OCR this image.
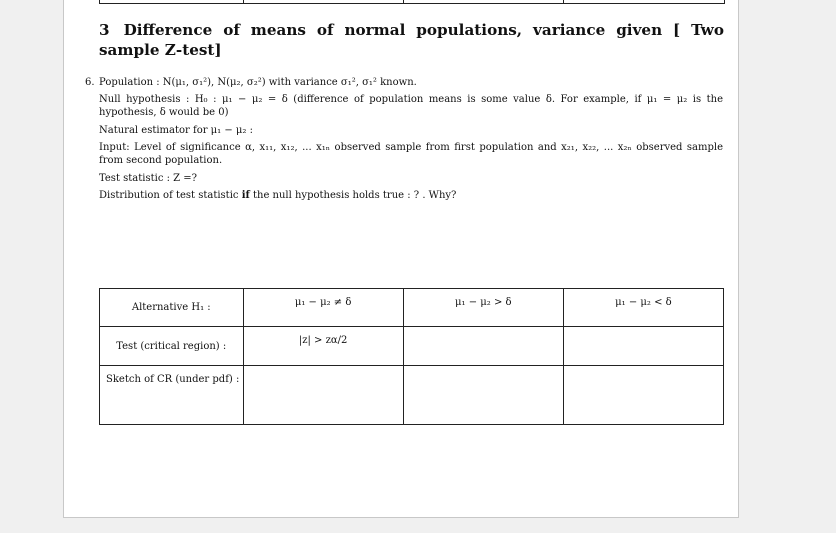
3 Difference of means of normal populations, variance given [ Two sample Z-test]
6. Population : N(μ₁, σ₁²), N(μ₂, σ₂²) with variance σ₁², σ₁² known.
Null hypothesis : H₀ : μ₁ − μ₂ = δ (difference of population means is some value δ. For example, if μ₁ = μ₂ is the hypothesis, δ would be 0)
Natural estimator for μ₁ − μ₂ :
Input: Level of significance α, x₁₁, x₁₂, ... x₁ₙ observed sample from first population and x₂₁, x₂₂, ... x₂ₙ observed sample from second population.
Test statistic : Z =?
Distribution of test statistic if the null hypothesis holds true : ? . Why?
Alternative H₁ :	μ₁ − μ₂ ≠ δ	μ₁ − μ₂ > δ	μ₁ − μ₂ < δ
Test (critical region) :	|z| > zα/2		
Sketch of CR (under pdf) :			
